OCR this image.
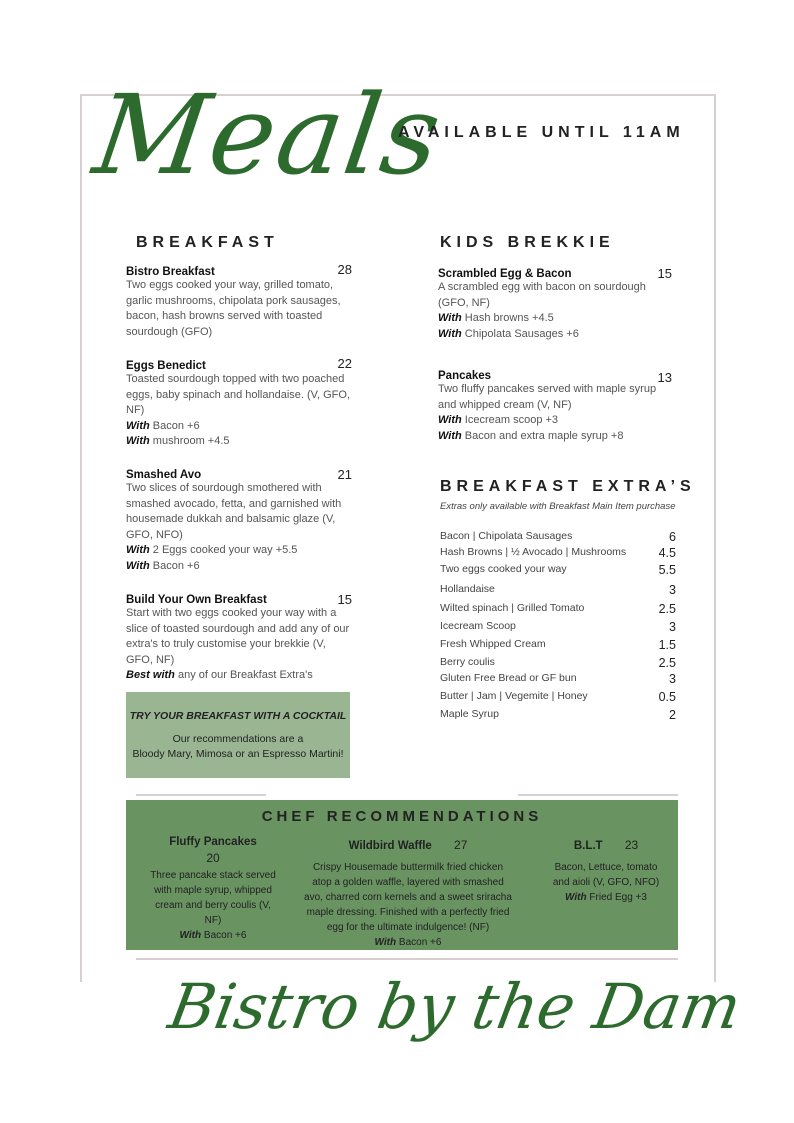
Meals
AVAILABLE UNTIL 11AM
BREAKFAST
Bistro Breakfast	28
Two eggs cooked your way, grilled tomato, garlic mushrooms, chipolata pork sausages, bacon, hash browns served with toasted sourdough (GFO)
Eggs Benedict	22
Toasted sourdough topped with two poached eggs, baby spinach and hollandaise. (V, GFO, NF)
With Bacon +6
With mushroom +4.5
Smashed Avo	21
Two slices of sourdough smothered with smashed avocado, fetta, and garnished with housemade dukkah and balsamic glaze (V, GFO, NFO)
With 2 Eggs cooked your way +5.5
With Bacon +6
Build Your Own Breakfast	15
Start with two eggs cooked your way with a slice of toasted sourdough and add any of our extra's to truly customise your brekkie (V, GFO, NF)
Best with any of our Breakfast Extra's
TRY YOUR BREAKFAST WITH A COCKTAIL
Our recommendations are a
Bloody Mary, Mimosa or an Espresso Martini!
KIDS BREKKIE
Scrambled Egg & Bacon	15
A scrambled egg with bacon on sourdough (GFO, NF)
With Hash browns +4.5
With Chipolata Sausages +6
Pancakes	13
Two fluffy pancakes served with maple syrup and whipped cream (V, NF)
With Icecream scoop +3
With Bacon and extra maple syrup +8
BREAKFAST EXTRA’S
Extras only available with Breakfast Main Item purchase
Bacon | Chipolata Sausages	6
Hash Browns | ½ Avocado | Mushrooms	4.5
Two eggs cooked your way	5.5
Hollandaise	3
Wilted spinach | Grilled Tomato	2.5
Icecream Scoop	3
Fresh Whipped Cream	1.5
Berry coulis	2.5
Gluten Free Bread or GF bun	3
Butter | Jam | Vegemite | Honey	0.5
Maple Syrup	2
CHEF RECOMMENDATIONS
Fluffy Pancakes
20
Three pancake stack served with maple syrup, whipped cream and berry coulis (V, NF)
With Bacon +6
Wildbird Waffle 27
Crispy Housemade buttermilk fried chicken atop a golden waffle, layered with smashed avo, charred corn kernels and a sweet sriracha maple dressing. Finished with a perfectly fried egg for the ultimate indulgence! (NF)
With Bacon +6
B.L.T 23
Bacon, Lettuce, tomato and aioli (V, GFO, NFO)
With Fried Egg +3
Bistro by the Dam
